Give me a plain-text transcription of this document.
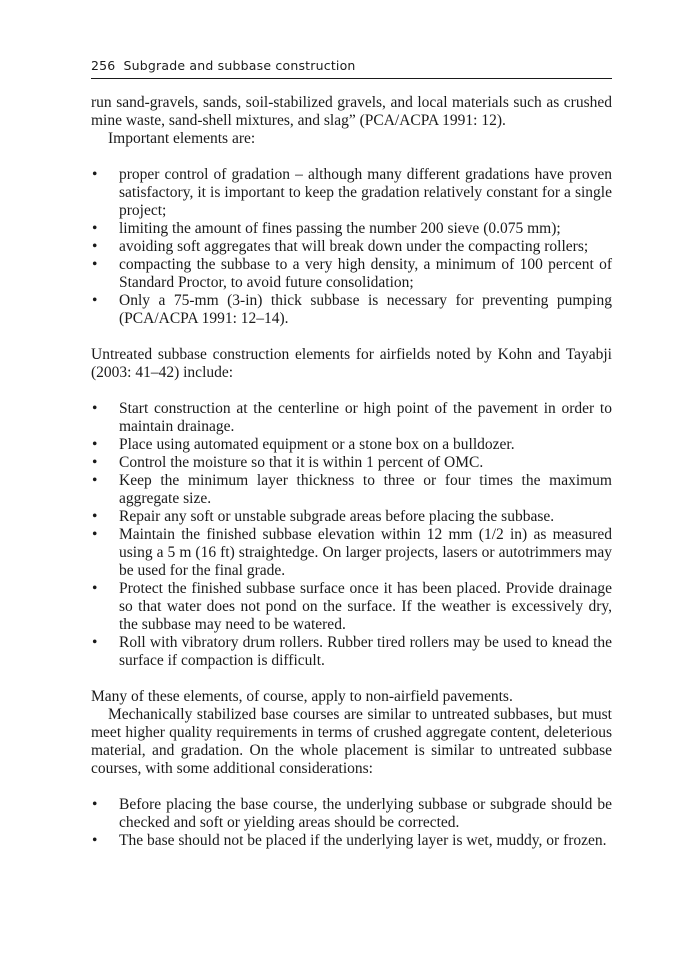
256 Subgrade and subbase construction

run sand-gravels, sands, soil-stabilized gravels, and local materials such as crushed mine waste, sand-shell mixtures, and slag” (PCA/ACPA 1991: 12).

Important elements are:

•	proper control of gradation – although many different gradations have proven satisfactory, it is important to keep the gradation relatively constant for a single project;
•	limiting the amount of fines passing the number 200 sieve (0.075 mm);
•	avoiding soft aggregates that will break down under the compacting rollers;
•	compacting the subbase to a very high density, a minimum of 100 percent of Standard Proctor, to avoid future consolidation;
•	Only a 75-mm (3-in) thick subbase is necessary for preventing pumping (PCA/ACPA 1991: 12–14).

Untreated subbase construction elements for airfields noted by Kohn and Tayabji (2003: 41–42) include:

•	Start construction at the centerline or high point of the pavement in order to maintain drainage.
•	Place using automated equipment or a stone box on a bulldozer.
•	Control the moisture so that it is within 1 percent of OMC.
•	Keep the minimum layer thickness to three or four times the maximum aggregate size.
•	Repair any soft or unstable subgrade areas before placing the subbase.
•	Maintain the finished subbase elevation within 12 mm (1/2 in) as measured using a 5 m (16 ft) straightedge. On larger projects, lasers or autotrimmers may be used for the final grade.
•	Protect the finished subbase surface once it has been placed. Provide drainage so that water does not pond on the surface. If the weather is excessively dry, the subbase may need to be watered.
•	Roll with vibratory drum rollers. Rubber tired rollers may be used to knead the surface if compaction is difficult.

Many of these elements, of course, apply to non-airfield pavements.

Mechanically stabilized base courses are similar to untreated subbases, but must meet higher quality requirements in terms of crushed aggregate content, deleterious material, and gradation. On the whole placement is similar to untreated subbase courses, with some additional considerations:

•	Before placing the base course, the underlying subbase or subgrade should be checked and soft or yielding areas should be corrected.
•	The base should not be placed if the underlying layer is wet, muddy, or frozen.
